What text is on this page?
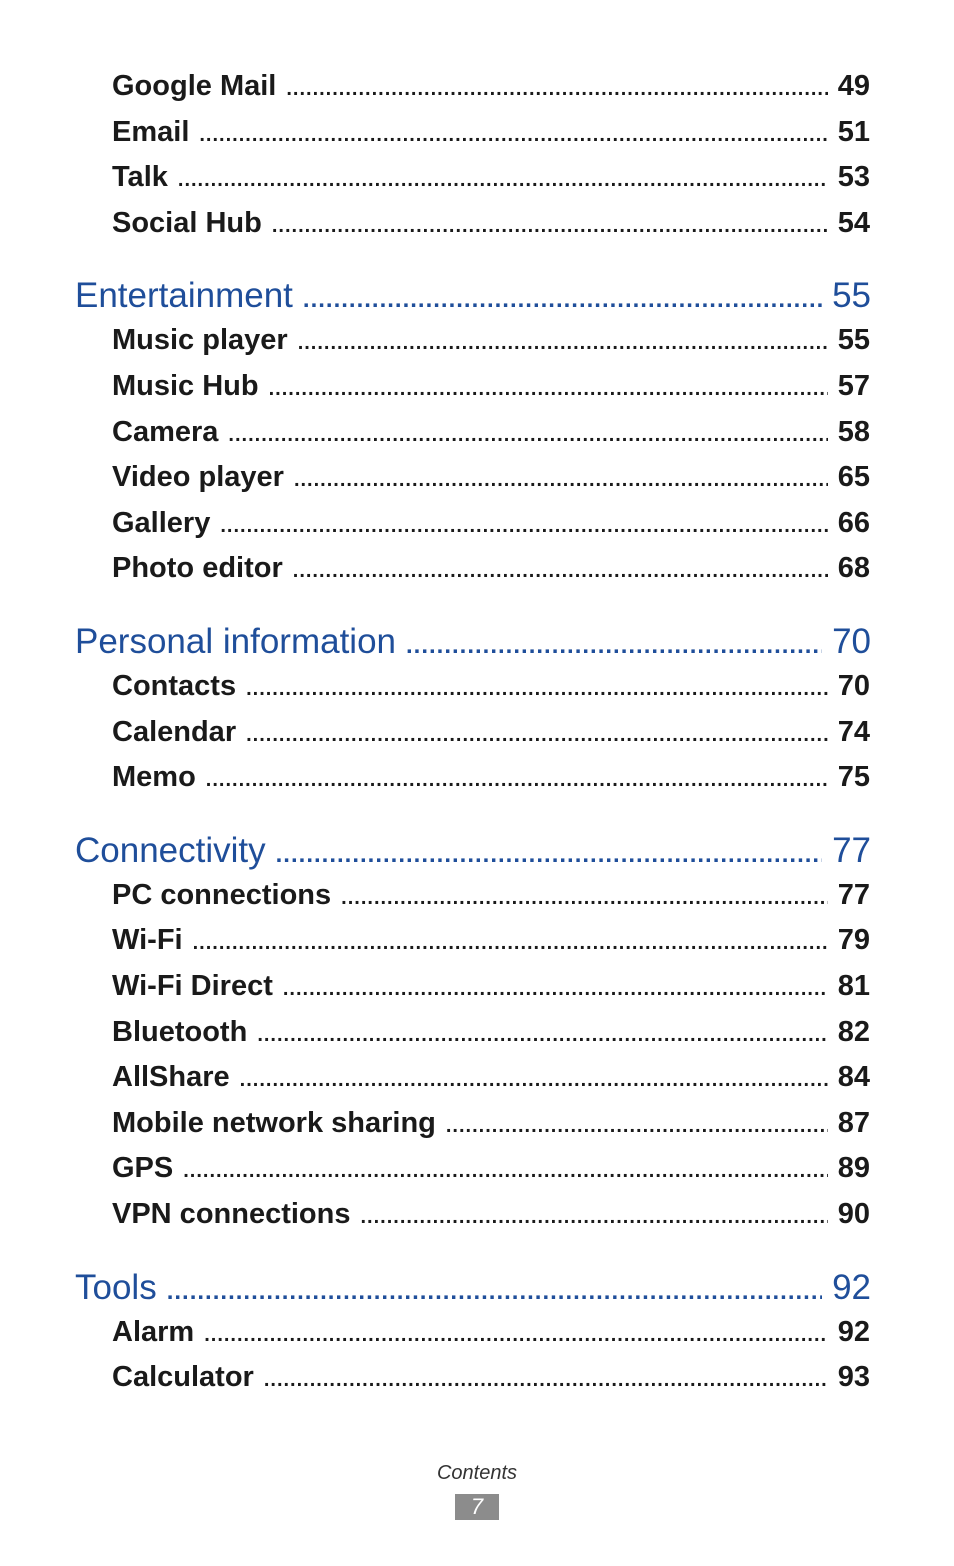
Google Mail .....	49
Email .....	51
Talk .....	53
Social Hub .....	54
Entertainment .....	55
Music player .....	55
Music Hub .....	57
Camera .....	58
Video player .....	65
Gallery .....	66
Photo editor .....	68
Personal information .....	70
Contacts .....	70
Calendar .....	74
Memo .....	75
Connectivity .....	77
PC connections .....	77
Wi-Fi .....	79
Wi-Fi Direct .....	81
Bluetooth .....	82
AllShare .....	84
Mobile network sharing .....	87
GPS .....	89
VPN connections .....	90
Tools .....	92
Alarm .....	92
Calculator .....	93
Contents
7
